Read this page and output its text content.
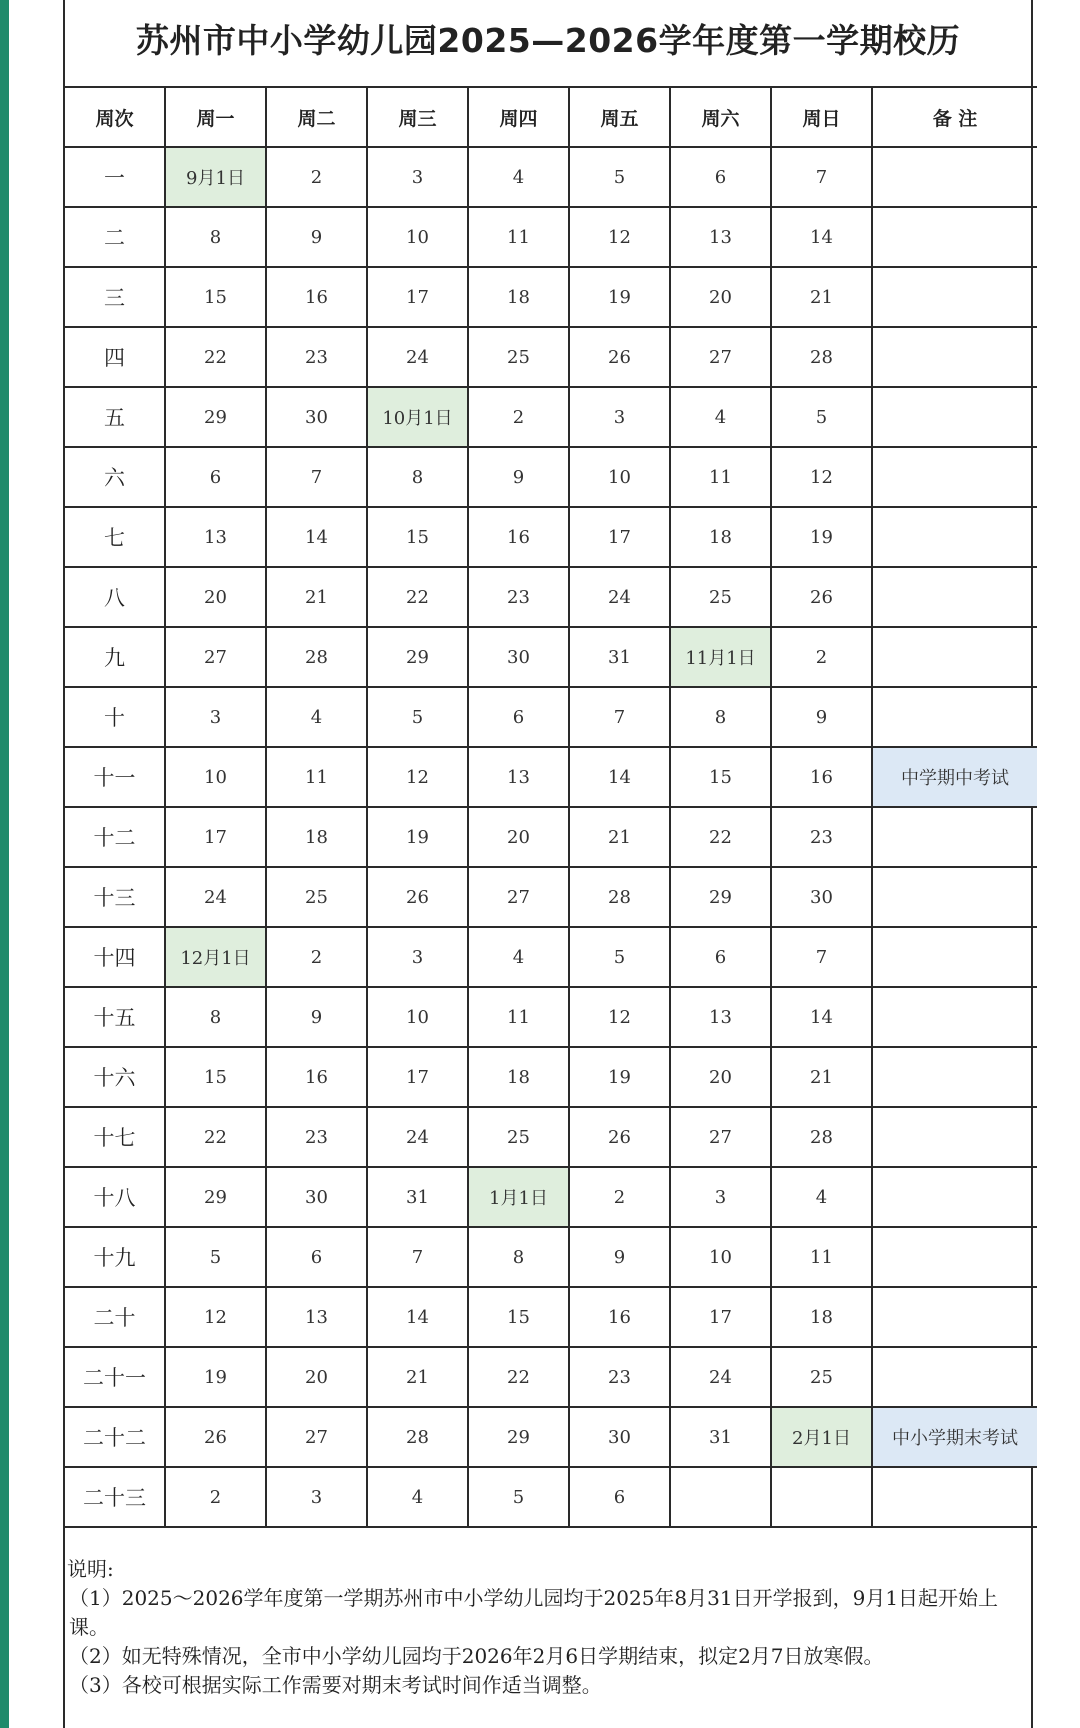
苏州市中小学幼儿园2025—2026学年度第一学期校历
周次	周一	周二	周三	周四	周五	周六	周日	备 注
一	9月1日	2	3	4	5	6	7	
二	8	9	10	11	12	13	14	
三	15	16	17	18	19	20	21	
四	22	23	24	25	26	27	28	
五	29	30	10月1日	2	3	4	5	
六	6	7	8	9	10	11	12	
七	13	14	15	16	17	18	19	
八	20	21	22	23	24	25	26	
九	27	28	29	30	31	11月1日	2	
十	3	4	5	6	7	8	9	
十一	10	11	12	13	14	15	16	中学期中考试
十二	17	18	19	20	21	22	23	
十三	24	25	26	27	28	29	30	
十四	12月1日	2	3	4	5	6	7	
十五	8	9	10	11	12	13	14	
十六	15	16	17	18	19	20	21	
十七	22	23	24	25	26	27	28	
十八	29	30	31	1月1日	2	3	4	
十九	5	6	7	8	9	10	11	
二十	12	13	14	15	16	17	18	
二十一	19	20	21	22	23	24	25	
二十二	26	27	28	29	30	31	2月1日	中小学期末考试
二十三	2	3	4	5	6			

说明:

（1）2025～2026学年度第一学期苏州市中小学幼儿园均于2025年8月31日开学报到，9月1日起开始上课。

（2）如无特殊情况，全市中小学幼儿园均于2026年2月6日学期结束，拟定2月7日放寒假。

（3）各校可根据实际工作需要对期末考试时间作适当调整。
